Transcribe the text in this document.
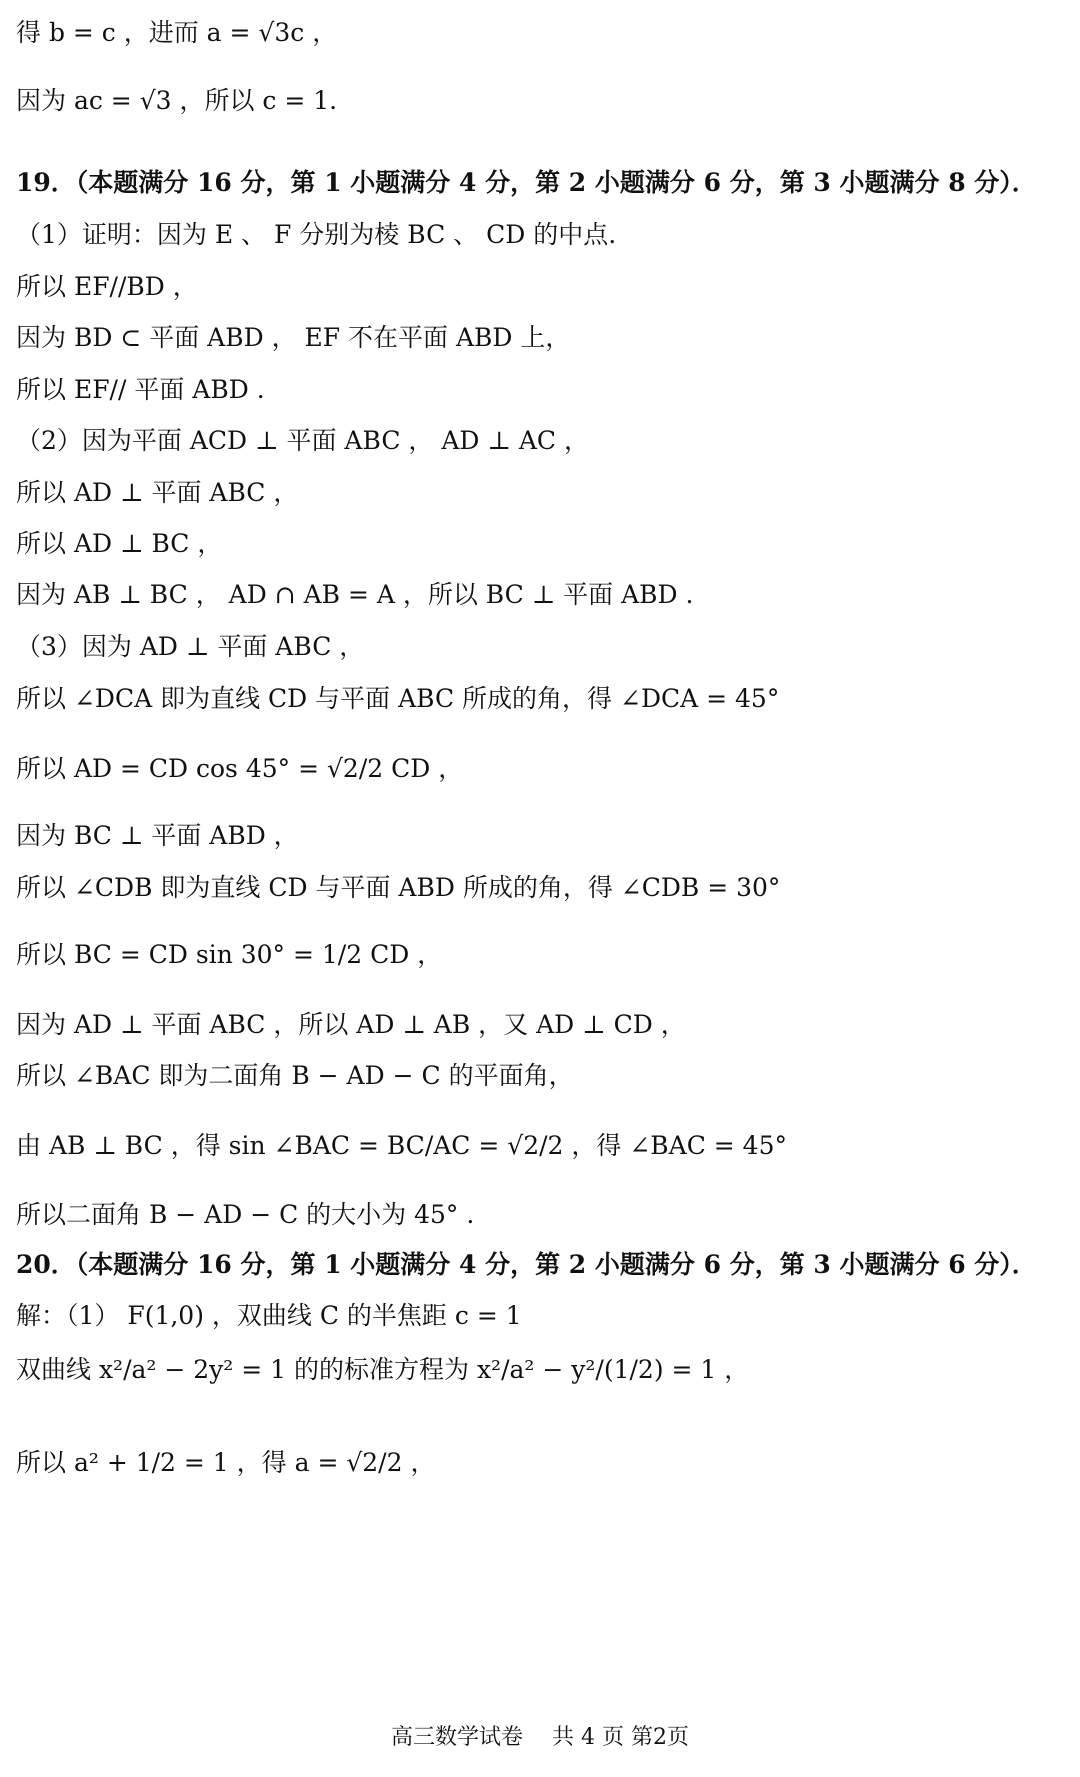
得 b = c ，进而 a = √3c ，
因为 ac = √3 ，所以 c = 1.
19．（本题满分 16 分，第 1 小题满分 4 分，第 2 小题满分 6 分，第 3 小题满分 8 分）．
（1）证明：因为 E 、 F 分别为棱 BC 、 CD 的中点.
所以 EF//BD ，
因为 BD ⊂ 平面 ABD ， EF 不在平面 ABD 上，
所以 EF// 平面 ABD .
（2）因为平面 ACD ⊥ 平面 ABC ， AD ⊥ AC ，
所以 AD ⊥ 平面 ABC ，
所以 AD ⊥ BC ，
因为 AB ⊥ BC ， AD ∩ AB = A ，所以 BC ⊥ 平面 ABD .
（3）因为 AD ⊥ 平面 ABC ，
所以 ∠DCA 即为直线 CD 与平面 ABC 所成的角，得 ∠DCA = 45°
所以 AD = CD cos 45° = √2/2 CD ，
因为 BC ⊥ 平面 ABD ，
所以 ∠CDB 即为直线 CD 与平面 ABD 所成的角，得 ∠CDB = 30°
所以 BC = CD sin 30° = 1/2 CD ，
因为 AD ⊥ 平面 ABC ，所以 AD ⊥ AB ，又 AD ⊥ CD ，
所以 ∠BAC 即为二面角 B − AD − C 的平面角，
由 AB ⊥ BC ，得 sin ∠BAC = BC/AC = √2/2 ，得 ∠BAC = 45°
所以二面角 B − AD − C 的大小为 45° .
20．（本题满分 16 分，第 1 小题满分 4 分，第 2 小题满分 6 分，第 3 小题满分 6 分）．
解：（1） F(1,0) ，双曲线 C 的半焦距 c = 1
双曲线 x²/a² − 2y² = 1 的的标准方程为 x²/a² − y²/(1/2) = 1 ，
所以 a² + 1/2 = 1 ，得 a = √2/2 ，
高三数学试卷　 共 4 页 第2页
